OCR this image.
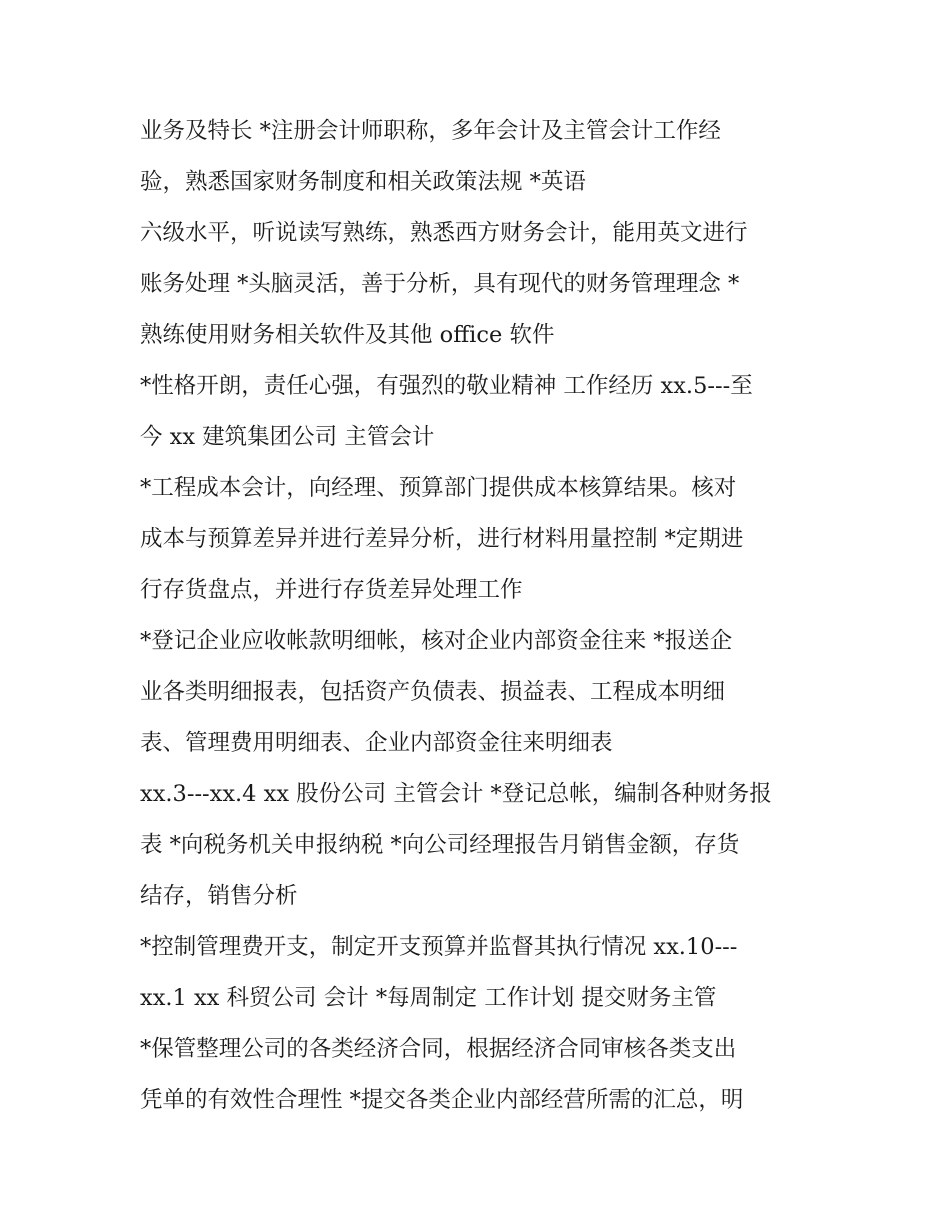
业务及特长 *注册会计师职称，多年会计及主管会计工作经
验，熟悉国家财务制度和相关政策法规 *英语
六级水平，听说读写熟练，熟悉西方财务会计，能用英文进行
账务处理 *头脑灵活，善于分析，具有现代的财务管理理念 *
熟练使用财务相关软件及其他 office 软件
*性格开朗，责任心强，有强烈的敬业精神 工作经历 xx.5---至
今 xx 建筑集团公司 主管会计
*工程成本会计，向经理、预算部门提供成本核算结果。核对
成本与预算差异并进行差异分析，进行材料用量控制 *定期进
行存货盘点，并进行存货差异处理工作
*登记企业应收帐款明细帐，核对企业内部资金往来 *报送企
业各类明细报表，包括资产负债表、损益表、工程成本明细
表、管理费用明细表、企业内部资金往来明细表
xx.3---xx.4 xx 股份公司 主管会计 *登记总帐，编制各种财务报
表 *向税务机关申报纳税 *向公司经理报告月销售金额，存货
结存，销售分析
*控制管理费开支，制定开支预算并监督其执行情况 xx.10---
xx.1 xx 科贸公司 会计 *每周制定 工作计划 提交财务主管
*保管整理公司的各类经济合同，根据经济合同审核各类支出
凭单的有效性合理性 *提交各类企业内部经营所需的汇总，明
